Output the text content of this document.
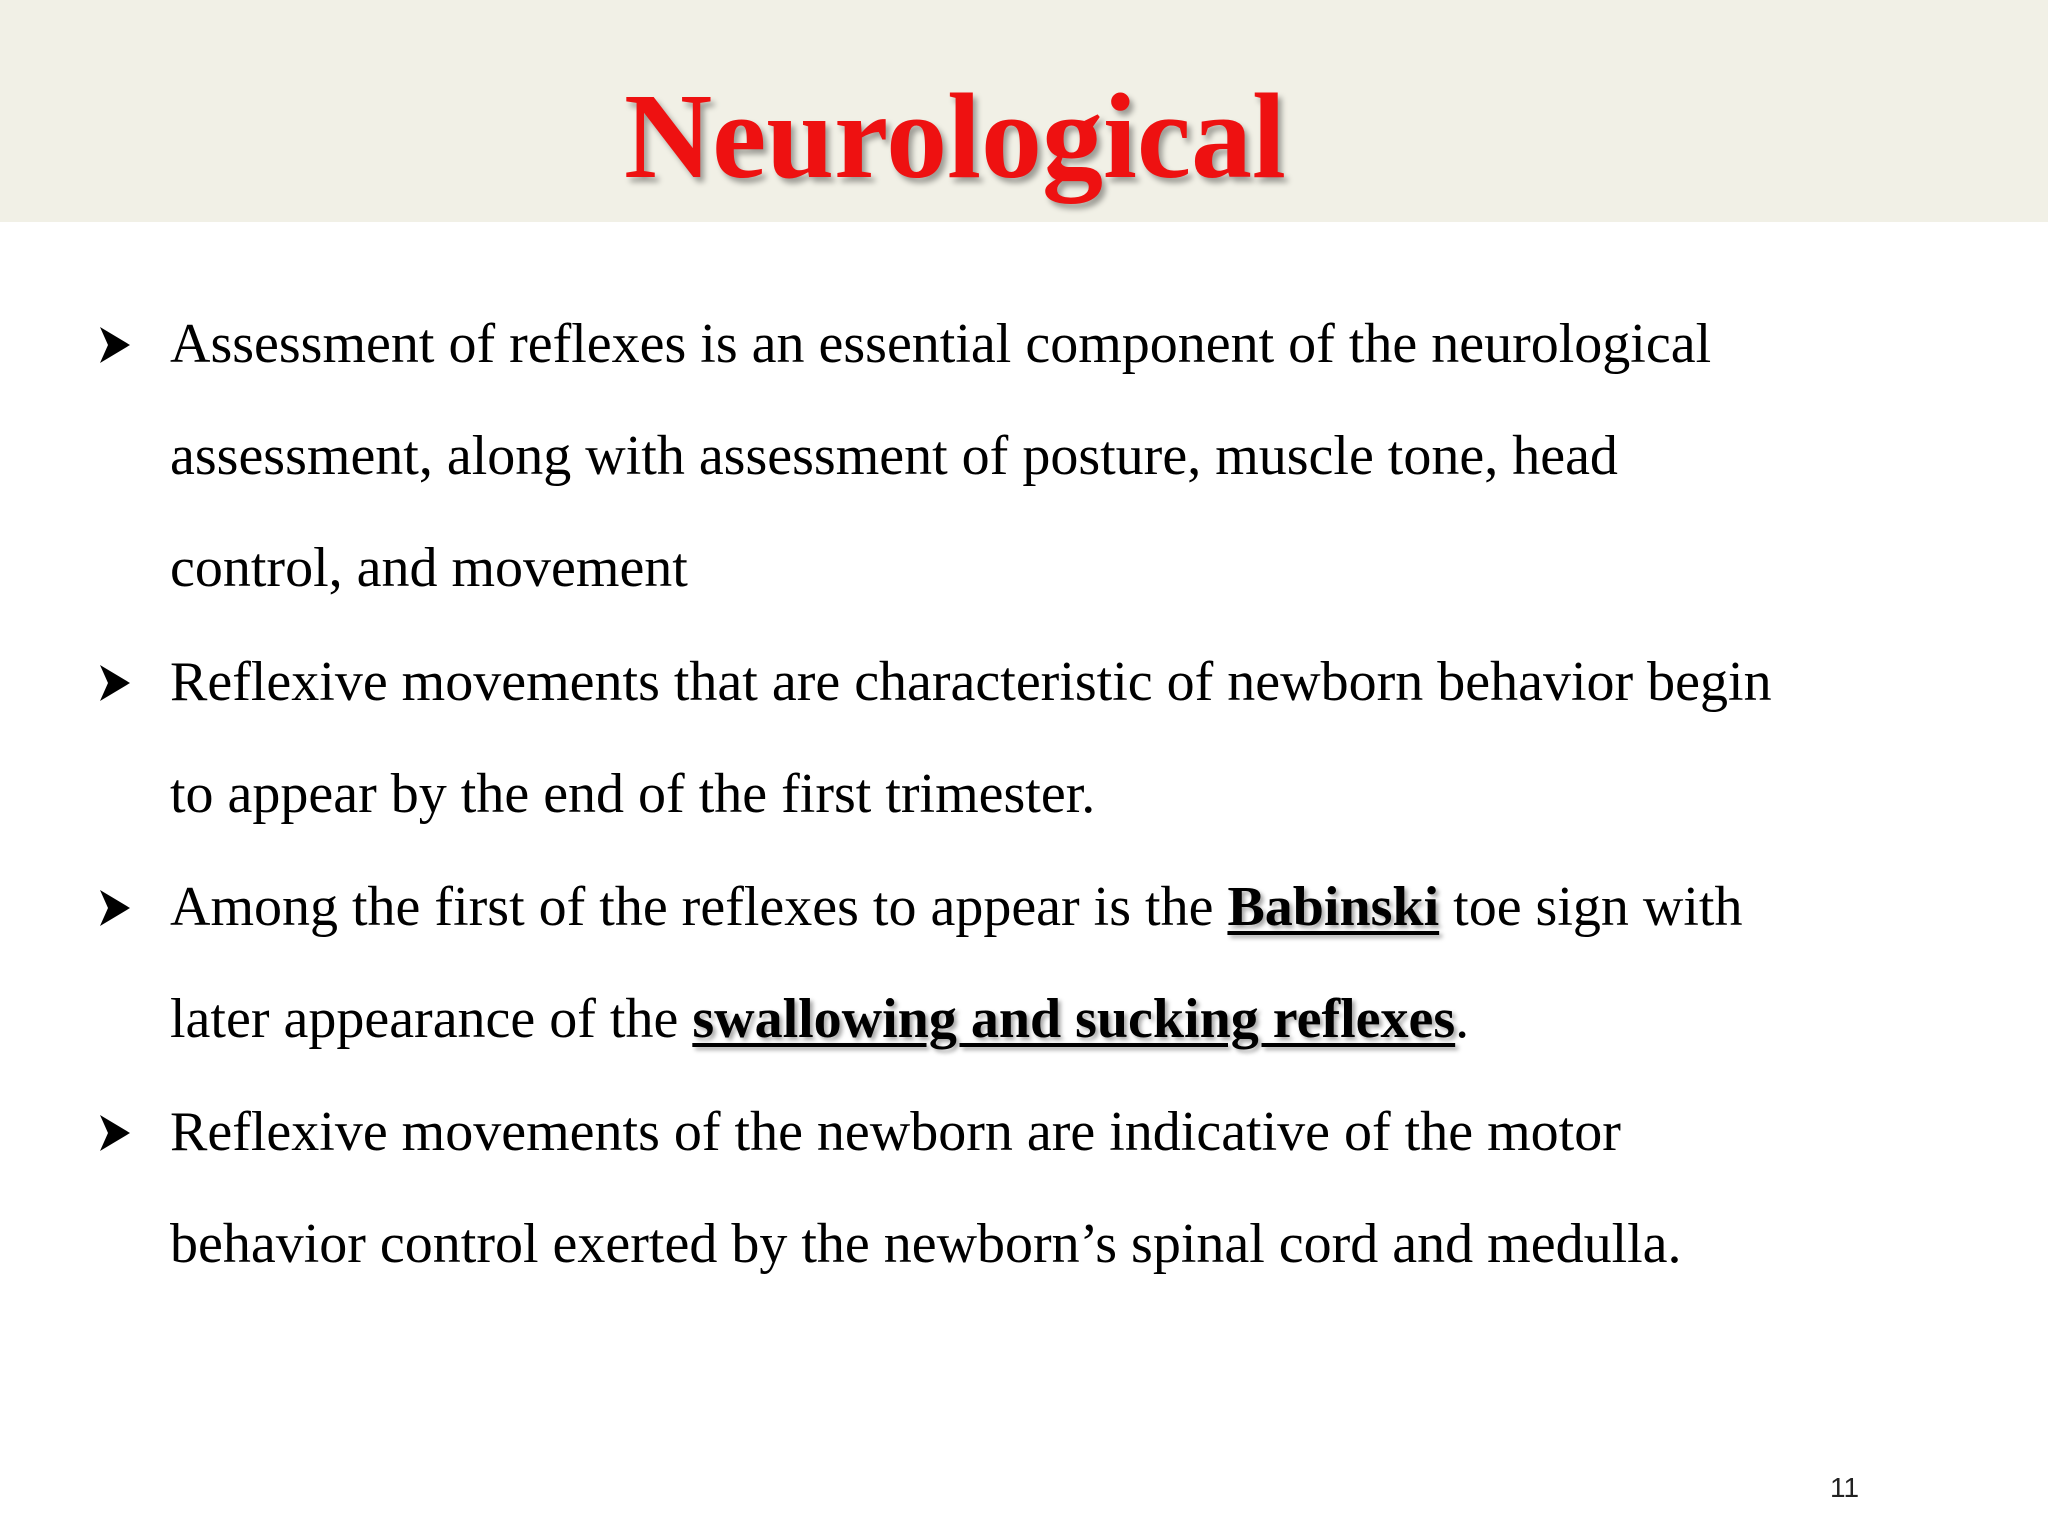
Neurological
Assessment of reflexes is an essential component of the neurological
assessment, along with assessment of posture, muscle tone, head
control, and movement
Reflexive movements that are characteristic of newborn behavior begin
to appear by the end of the first trimester.
Among the first of the reflexes to appear is the Babinski toe sign with
later appearance of the swallowing and sucking reflexes.
Reflexive movements of the newborn are indicative of the motor
behavior control exerted by the newborn’s spinal cord and medulla.
11
